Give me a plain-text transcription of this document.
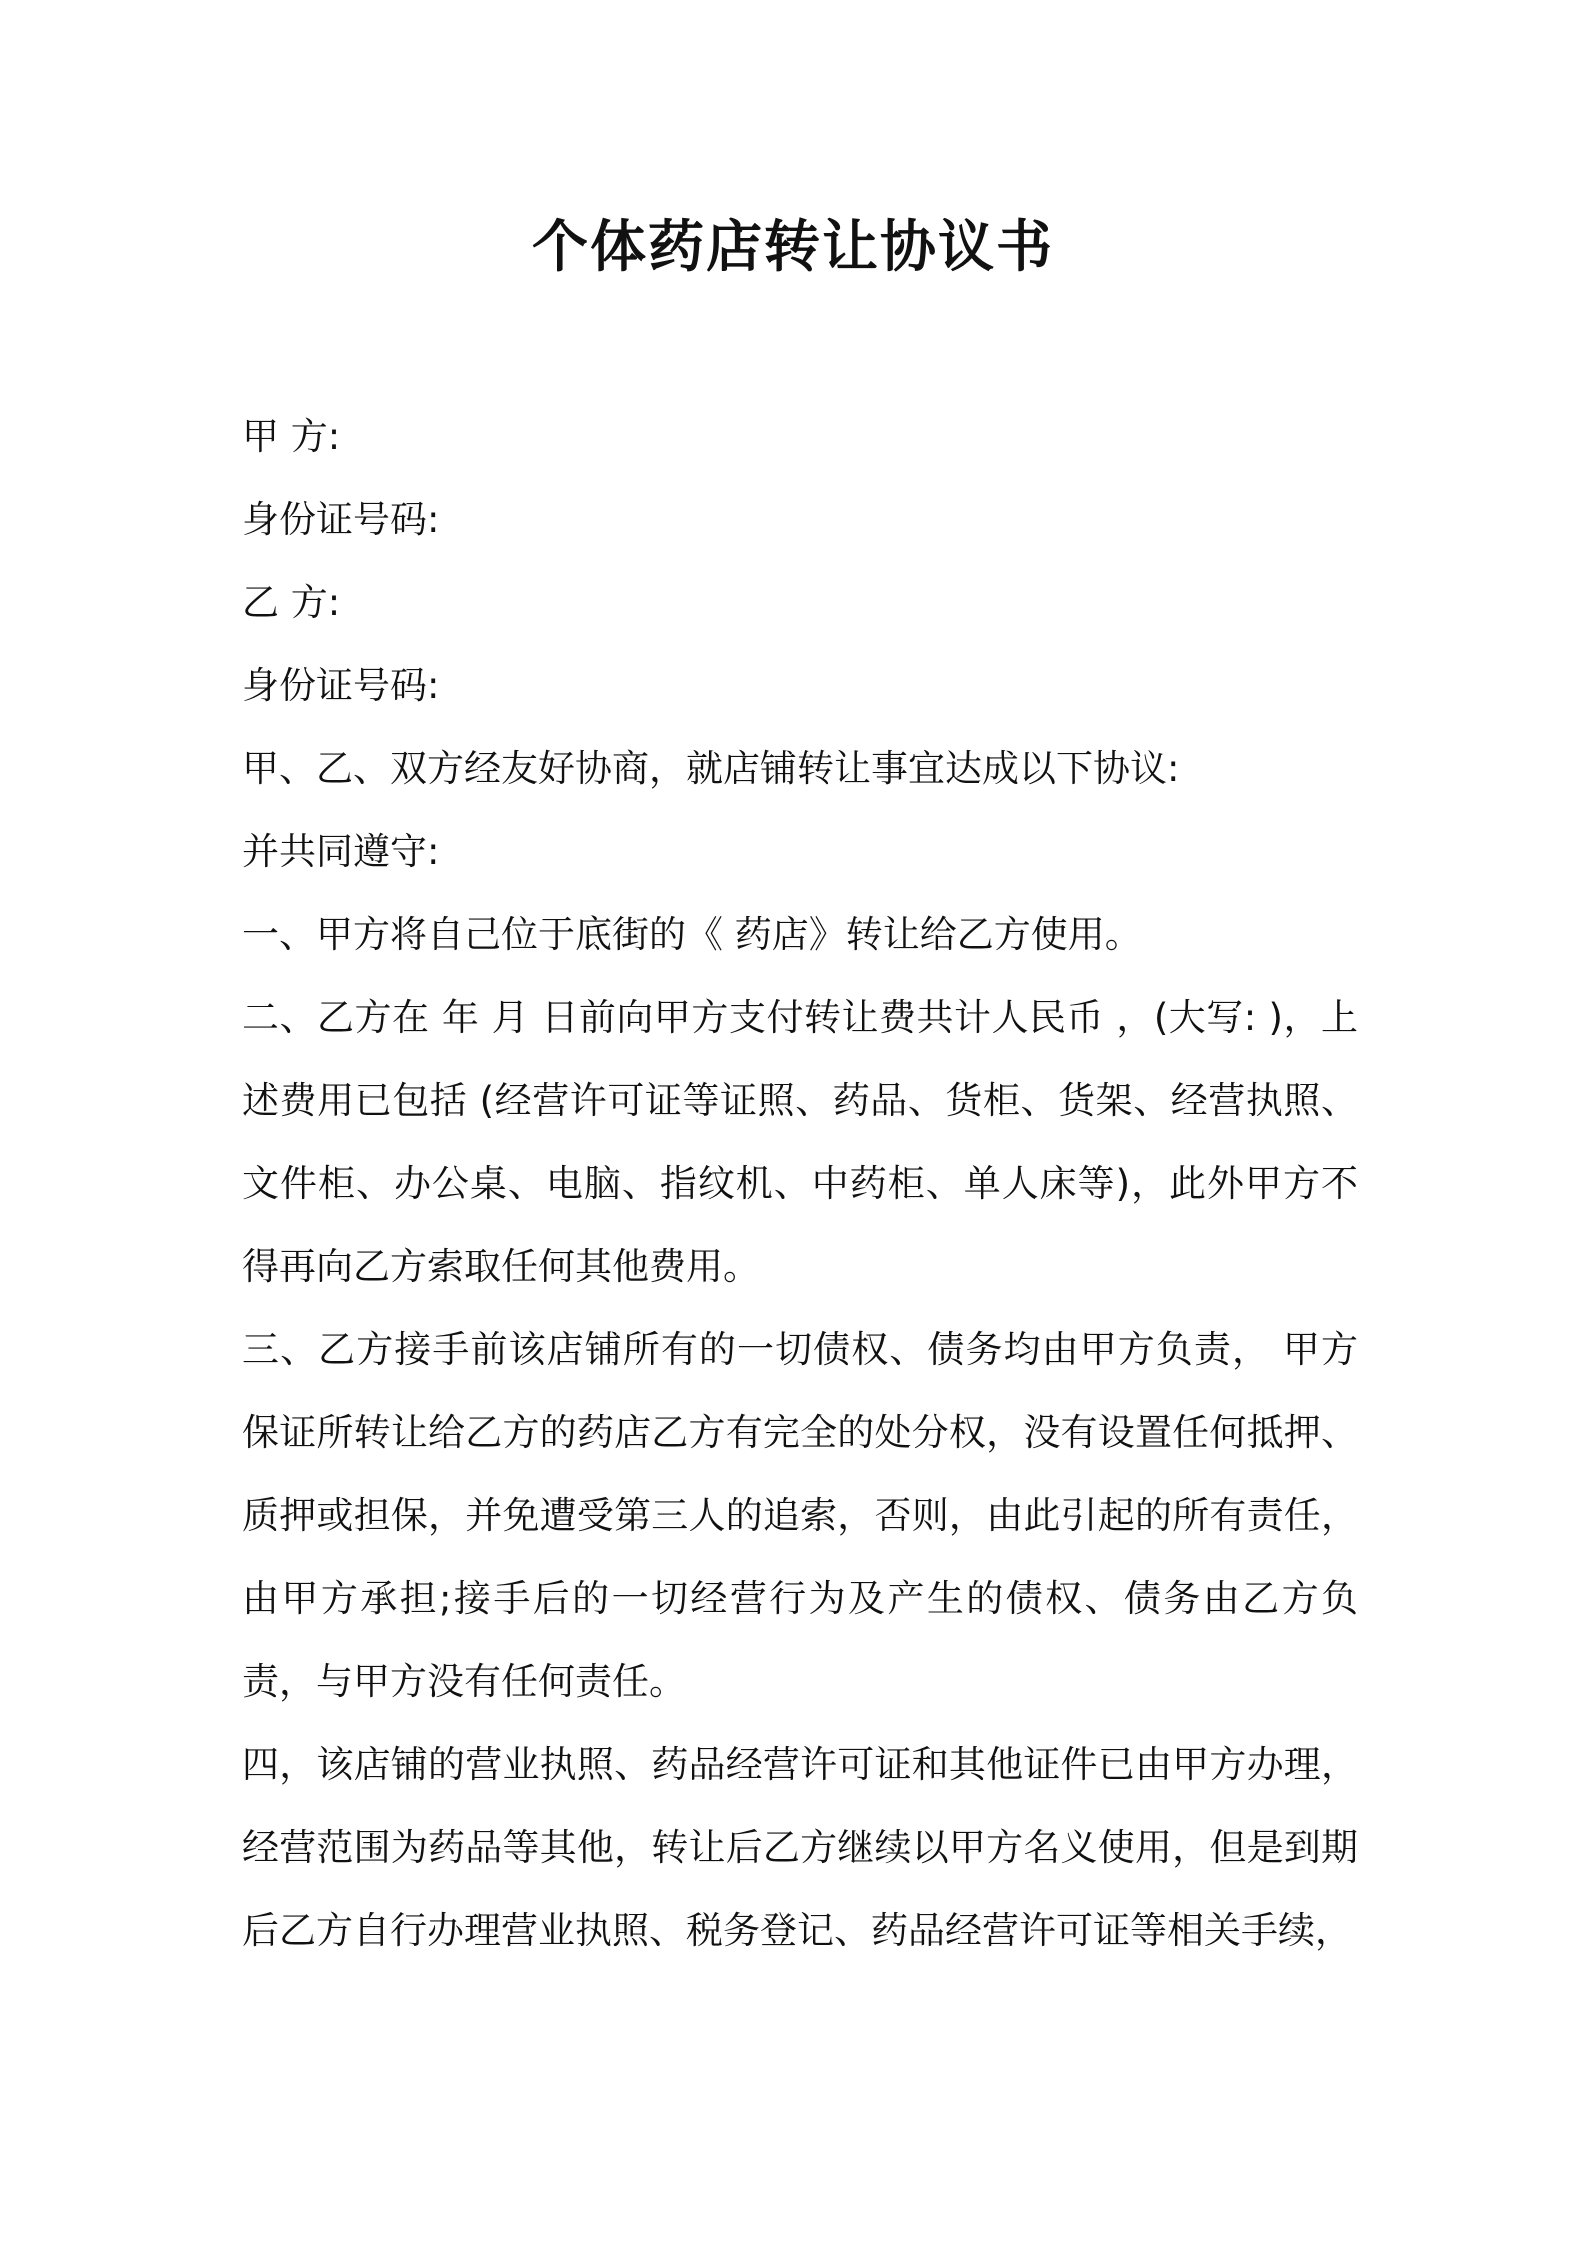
个体药店转让协议书
甲 方:
身份证号码:
乙 方:
身份证号码:
甲、乙、双方经友好协商，就店铺转让事宜达成以下协议:
并共同遵守:
一、甲方将自己位于底街的《 药店》转让给乙方使用。
二、乙方在 年 月 日前向甲方支付转让费共计人民币 ，(大写: )，上述费用已包括 (经营许可证等证照、药品、货柜、货架、经营执照、文件柜、办公桌、电脑、指纹机、中药柜、单人床等)，此外甲方不得再向乙方索取任何其他费用。
三、乙方接手前该店铺所有的一切债权、债务均由甲方负责， 甲方保证所转让给乙方的药店乙方有完全的处分权，没有设置任何抵押、质押或担保，并免遭受第三人的追索，否则，由此引起的所有责任，由甲方承担;接手后的一切经营行为及产生的债权、债务由乙方负责，与甲方没有任何责任。
四，该店铺的营业执照、药品经营许可证和其他证件已由甲方办理，经营范围为药品等其他，转让后乙方继续以甲方名义使用，但是到期后乙方自行办理营业执照、税务登记、药品经营许可证等相关手续，
